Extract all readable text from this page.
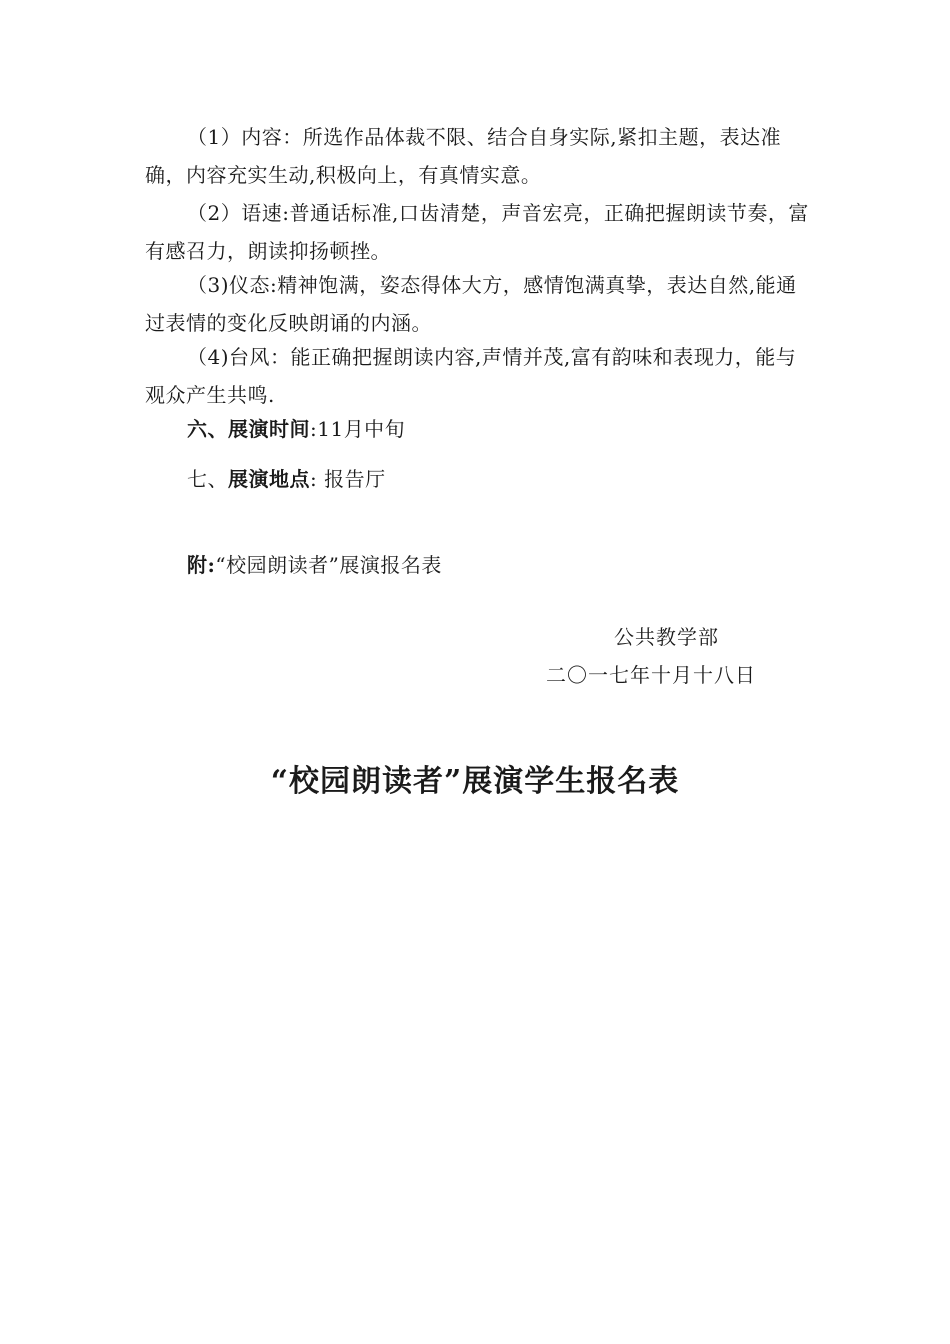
（1）内容：所选作品体裁不限、结合自身实际,紧扣主题，表达准确，内容充实生动,积极向上，有真情实意。

（2）语速:普通话标准,口齿清楚，声音宏亮，正确把握朗读节奏，富有感召力，朗读抑扬顿挫。

（3)仪态:精神饱满，姿态得体大方，感情饱满真挚，表达自然,能通过表情的变化反映朗诵的内涵。

（4)台风：能正确把握朗读内容,声情并茂,富有韵味和表现力，能与观众产生共鸣.

六、展演时间:11月中旬

七、展演地点: 报告厅

附:“校园朗读者”展演报名表

公共教学部

二〇一七年十月十八日

“校园朗读者”展演学生报名表
